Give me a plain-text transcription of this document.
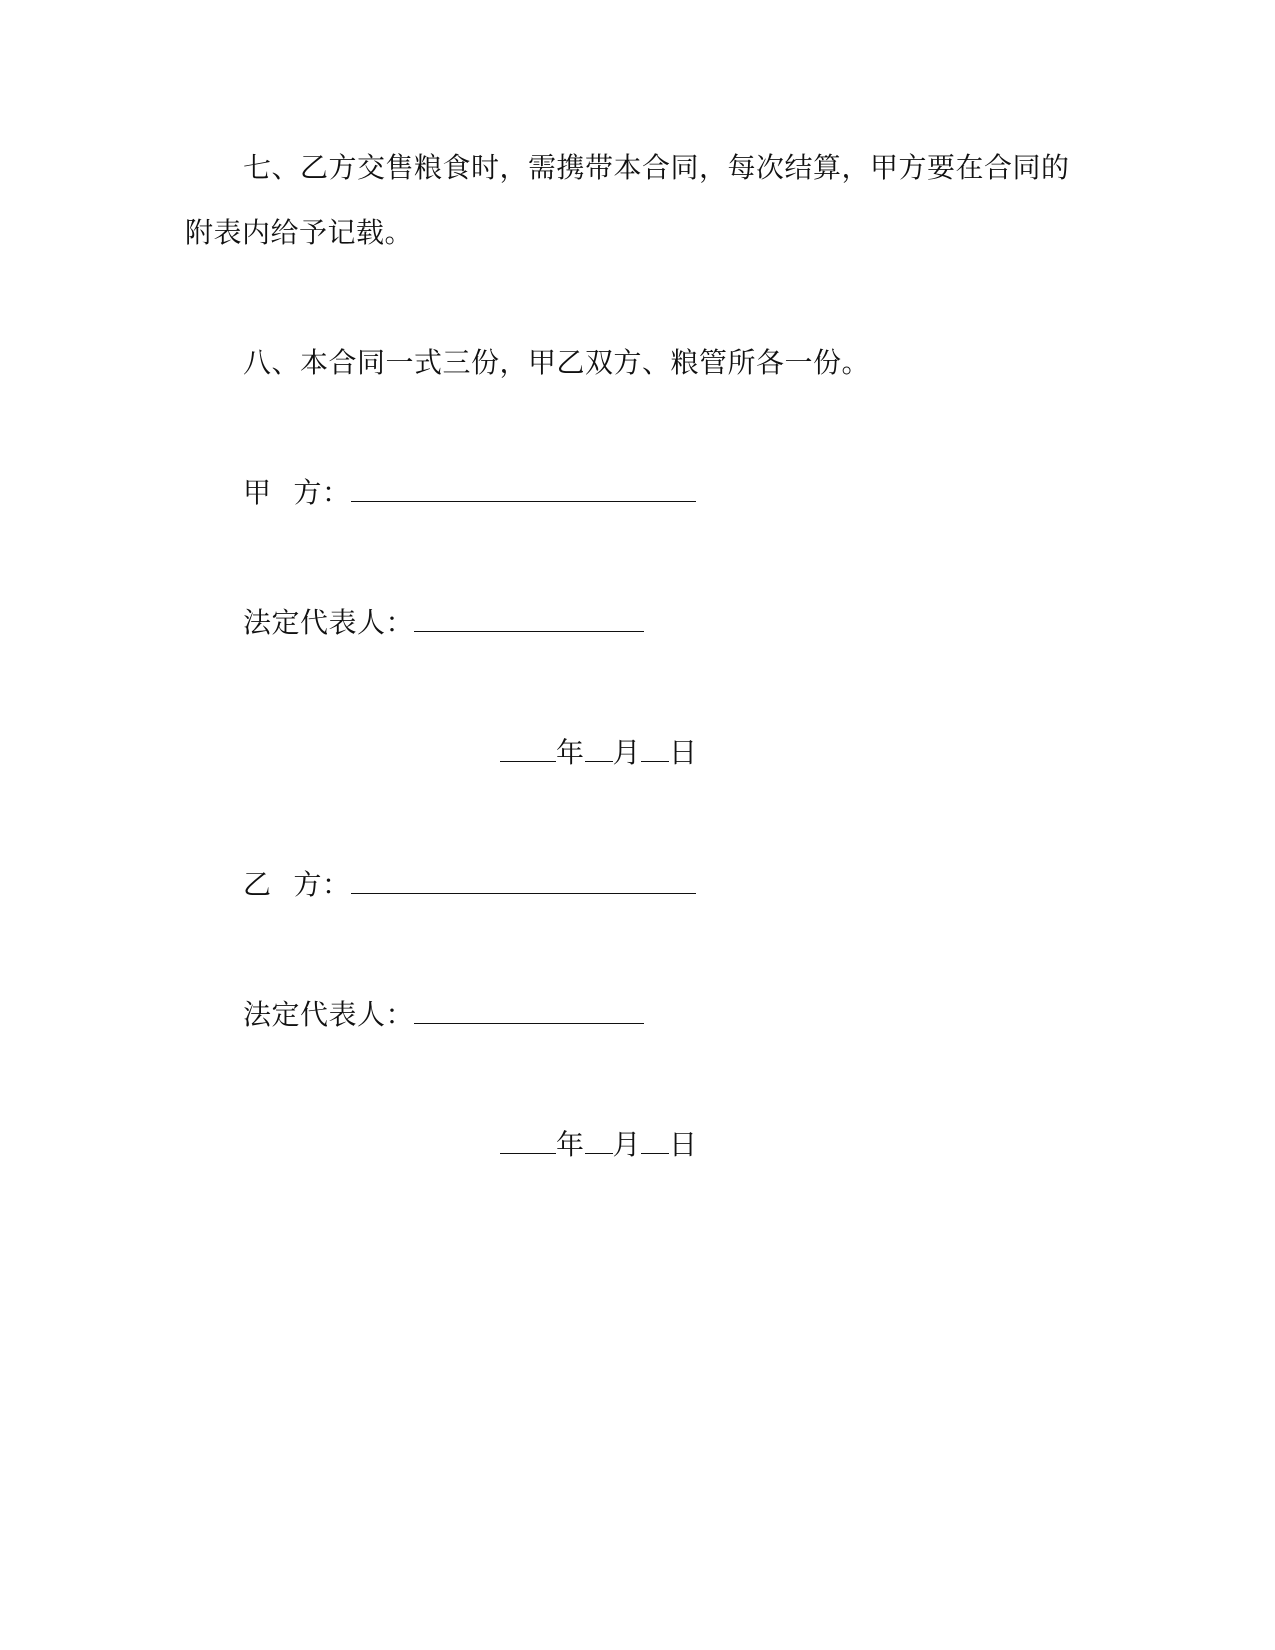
七、乙方交售粮食时，需携带本合同，每次结算，甲方要在合同的
附表内给予记载。
八、本合同一式三份，甲乙双方、粮管所各一份。
甲 方：
法定代表人：
年 月 日
乙 方：
法定代表人：
年 月 日
